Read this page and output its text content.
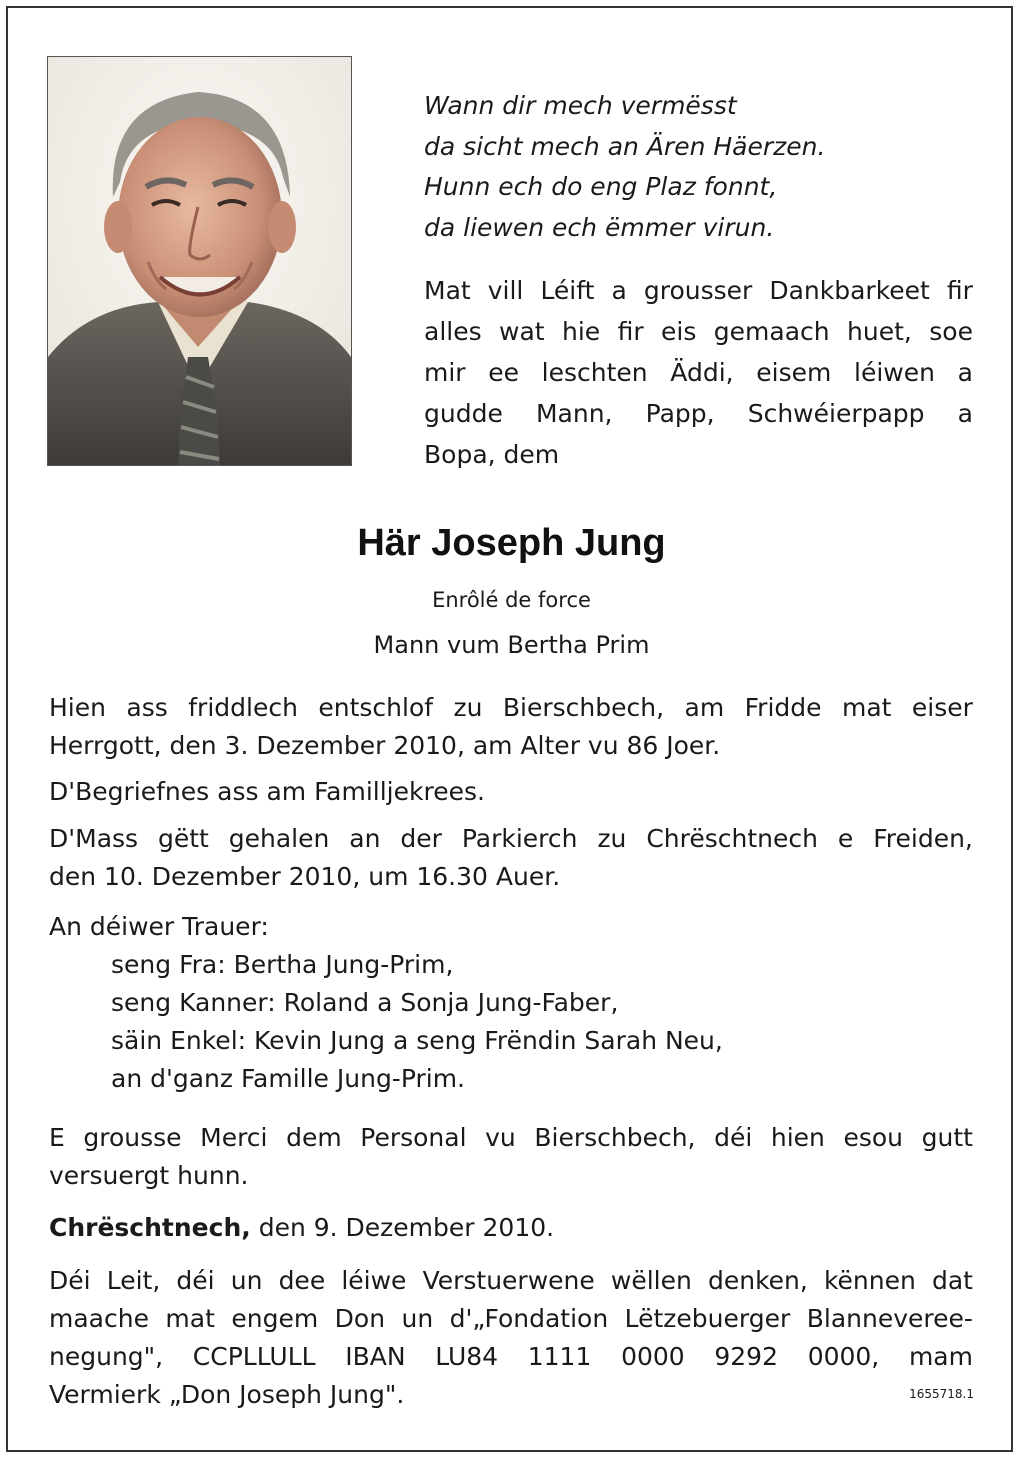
Wann dir mech vermësst
da sicht mech an Ären Häerzen.
Hunn ech do eng Plaz fonnt,
da liewen ech ëmmer virun.
Mat vill Léift a grousser Dankbarkeet fir
alles wat hie fir eis gemaach huet, soe
mir ee leschten Äddi, eisem léiwen a
gudde Mann, Papp, Schwéierpapp a
Bopa, dem
Här Joseph Jung
Enrôlé de force
Mann vum Bertha Prim
Hien ass friddlech entschlof zu Bierschbech, am Fridde mat eiser
Herrgott, den 3. Dezember 2010, am Alter vu 86 Joer.
D'Begriefnes ass am Familljekrees.
D'Mass gëtt gehalen an der Parkierch zu Chrëschtnech e Freiden,
den 10. Dezember 2010, um 16.30 Auer.
An déiwer Trauer:
seng Fra: Bertha Jung-Prim,
seng Kanner: Roland a Sonja Jung-Faber,
säin Enkel: Kevin Jung a seng Frëndin Sarah Neu,
an d'ganz Famille Jung-Prim.
E grousse Merci dem Personal vu Bierschbech, déi hien esou gutt
versuergt hunn.
Chrëschtnech, den 9. Dezember 2010.
Déi Leit, déi un dee léiwe Verstuerwene wëllen denken, kënnen dat
maache mat engem Don un d'„Fondation Lëtzebuerger Blannevereе-
negung", CCPLLULL IBAN LU84 1111 0000 9292 0000, mam
Vermierk „Don Joseph Jung".	1655718.1
